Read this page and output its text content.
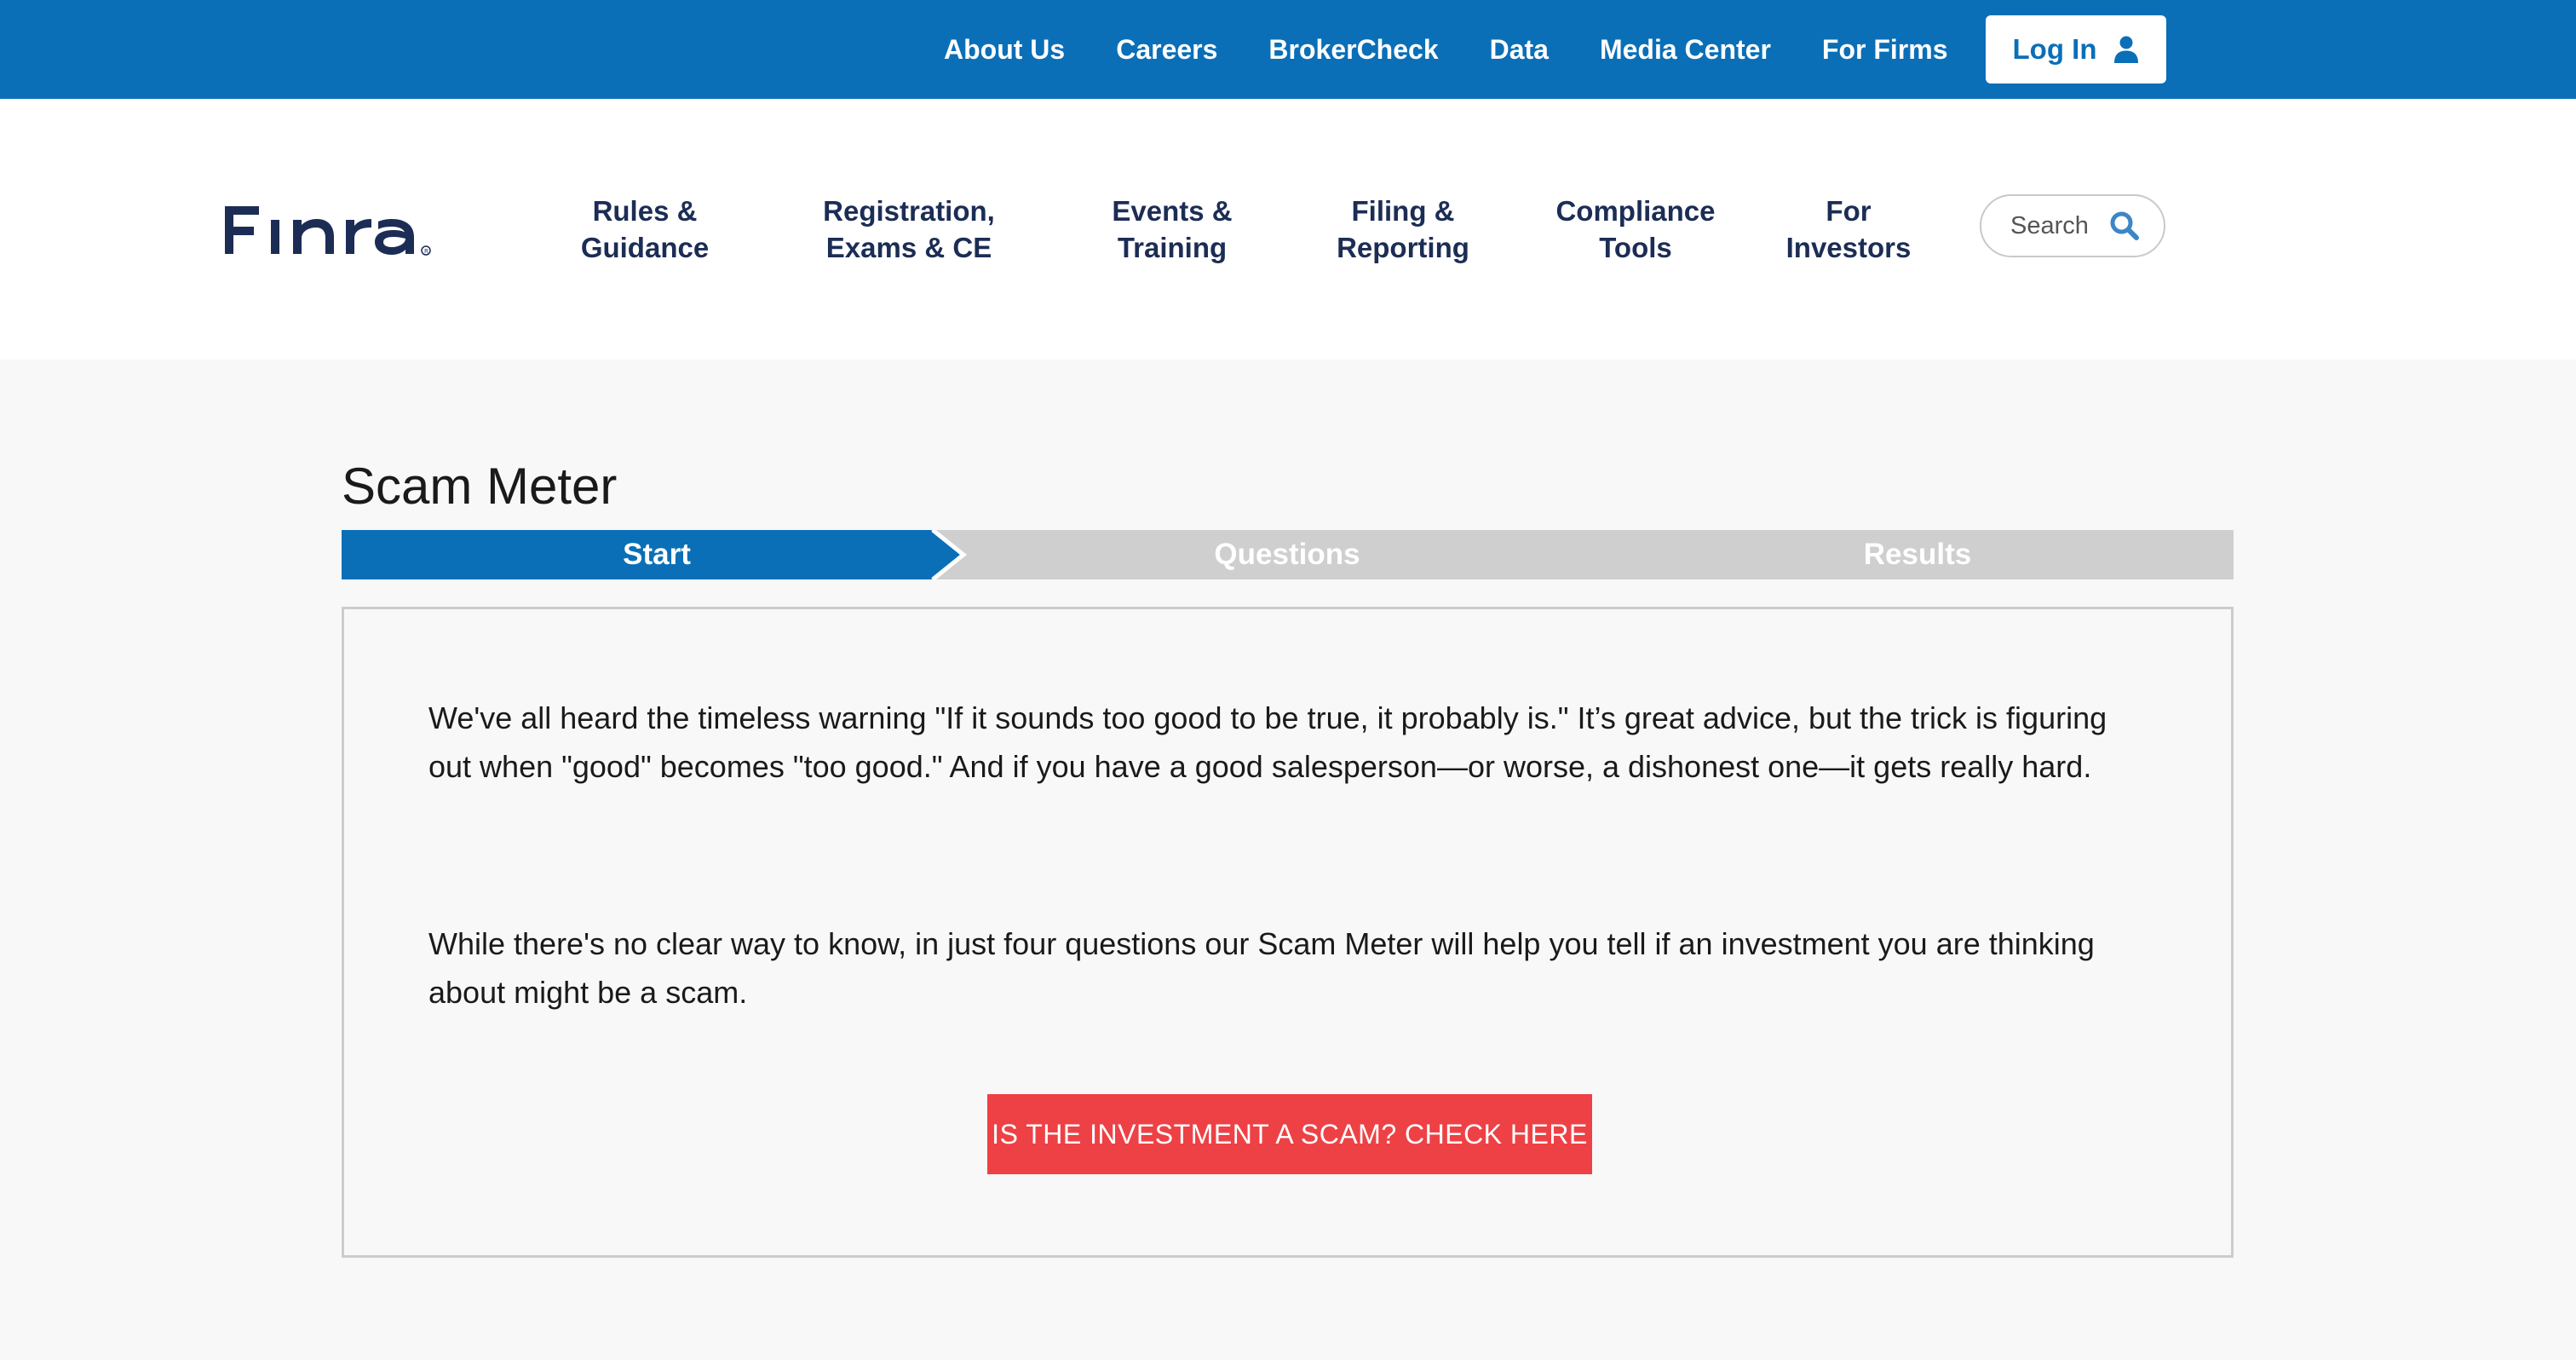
About Us Careers BrokerCheck Data Media Center For Firms Log In
R
Rules &
Guidance
Registration,
Exams & CE
Events &
Training
Filing &
Reporting
Compliance
Tools
For
Investors
Search
Scam Meter
Start	Questions	Results

We've all heard the timeless warning "If it sounds too good to be true, it probably is." It’s great advice, but the trick is figuring out when "good" becomes "too good." And if you have a good salesperson—or worse, a dishonest one—it gets really hard.

While there's no clear way to know, in just four questions our Scam Meter will help you tell if an investment you are thinking about might be a scam.

IS THE INVESTMENT A SCAM? CHECK HERE
